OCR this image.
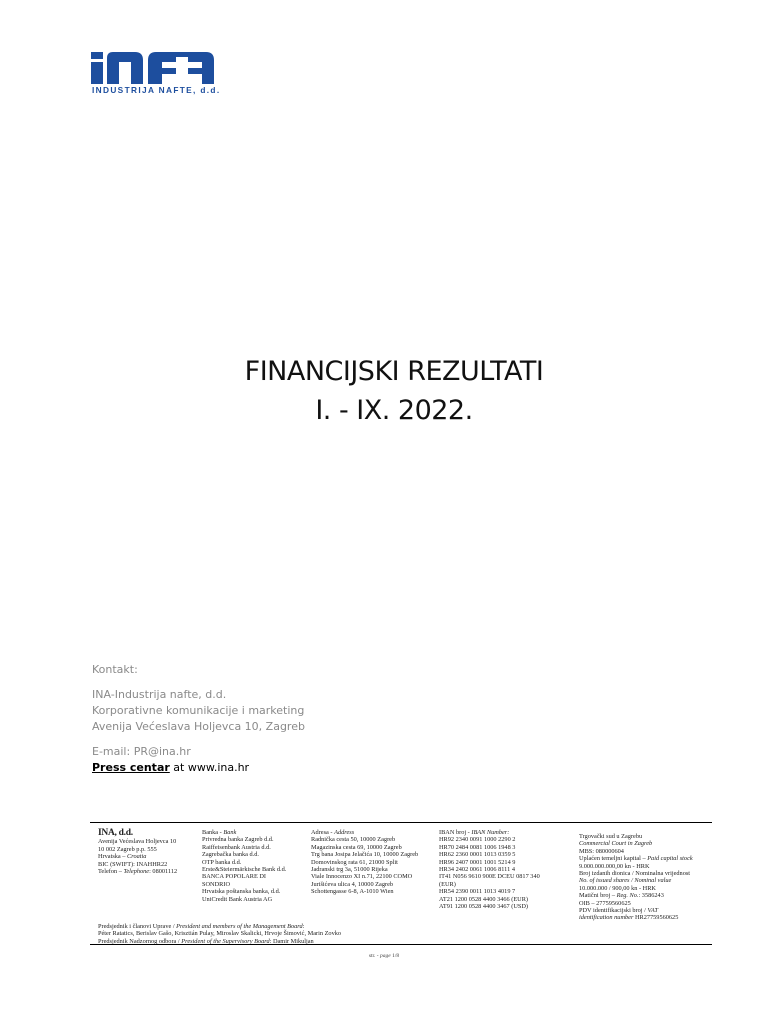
INDUSTRIJA NAFTE, d.d.
FINANCIJSKI REZULTATI
I. - IX. 2022.
Kontakt:
INA-Industrija nafte, d.d.
Korporativne komunikacije i marketing
Avenija Većeslava Holjevca 10, Zagreb
E-mail: PR@ina.hr
Press centar at www.ina.hr
INA, d.d.
Avenija Većeslava Holjevca 10
10 002 Zagreb p.p. 555
Hrvatska – Croatia
BIC (SWIFT): INAHHR22
Telefon – Telephone: 08001112
Banka - Bank
Privredna banka Zagreb d.d.
Raiffeisenbank Austria d.d.
Zagrebačka banka d.d.
OTP banka d.d.
Erste&Steiermärkische Bank d.d.
BANCA POPOLARE DI
SONDRIO
Hrvatska poštanska banka, d.d.
UniCredit Bank Austria AG
Adresa - Address
Radnička cesta 50, 10000 Zagreb
Magazinska cesta 69, 10000 Zagreb
Trg bana Josipa Jelačića 10, 10000 Zagreb
Domovinskog rata 61, 21000 Split
Jadranski trg 3a, 51000 Rijeka
Viale Innocenzo XI n.71, 22100 COMO
Jurišićeva ulica 4, 10000 Zagreb
Schottengasse 6-8, A-1010 Wien
IBAN broj - IBAN Number:
HR92 2340 0091 1000 2290 2
HR70 2484 0081 1006 1948 3
HR62 2360 0001 1013 0359 5
HR96 2407 0001 1001 5214 9
HR34 2402 0061 1006 8111 4
IT41 N056 9610 900E DCEU 0817 340
(EUR)
HR54 2390 0011 1013 4019 7
AT21 1200 0528 4400 3466 (EUR)
AT91 1200 0528 4400 3467 (USD)
Trgovački sud u Zagrebu
Commercial Court in Zagreb
MBS: 080000604
Uplaćen temeljni kapital – Paid capital stock
9.000.000.000,00 kn - HRK
Broj izdanih dionica / Nominalna vrijednost
No. of issued shares / Nominal value
10.000.000 / 900,00 kn - HRK
Matični broj – Reg. No.: 3586243
OIB – 27759560625
PDV identifikacijski broj / VAT
identification number HR27759560625
Predsjednik i članovi Uprave / President and members of the Management Board:
Péter Ratatics, Berislav Gašo, Krisztián Pulay, Miroslav Skalicki, Hrvoje Šimović, Marin Zovko
Predsjednik Nadzornog odbora / President of the Supervisory Board: Damir Mikuljan
str. - page 1/8
